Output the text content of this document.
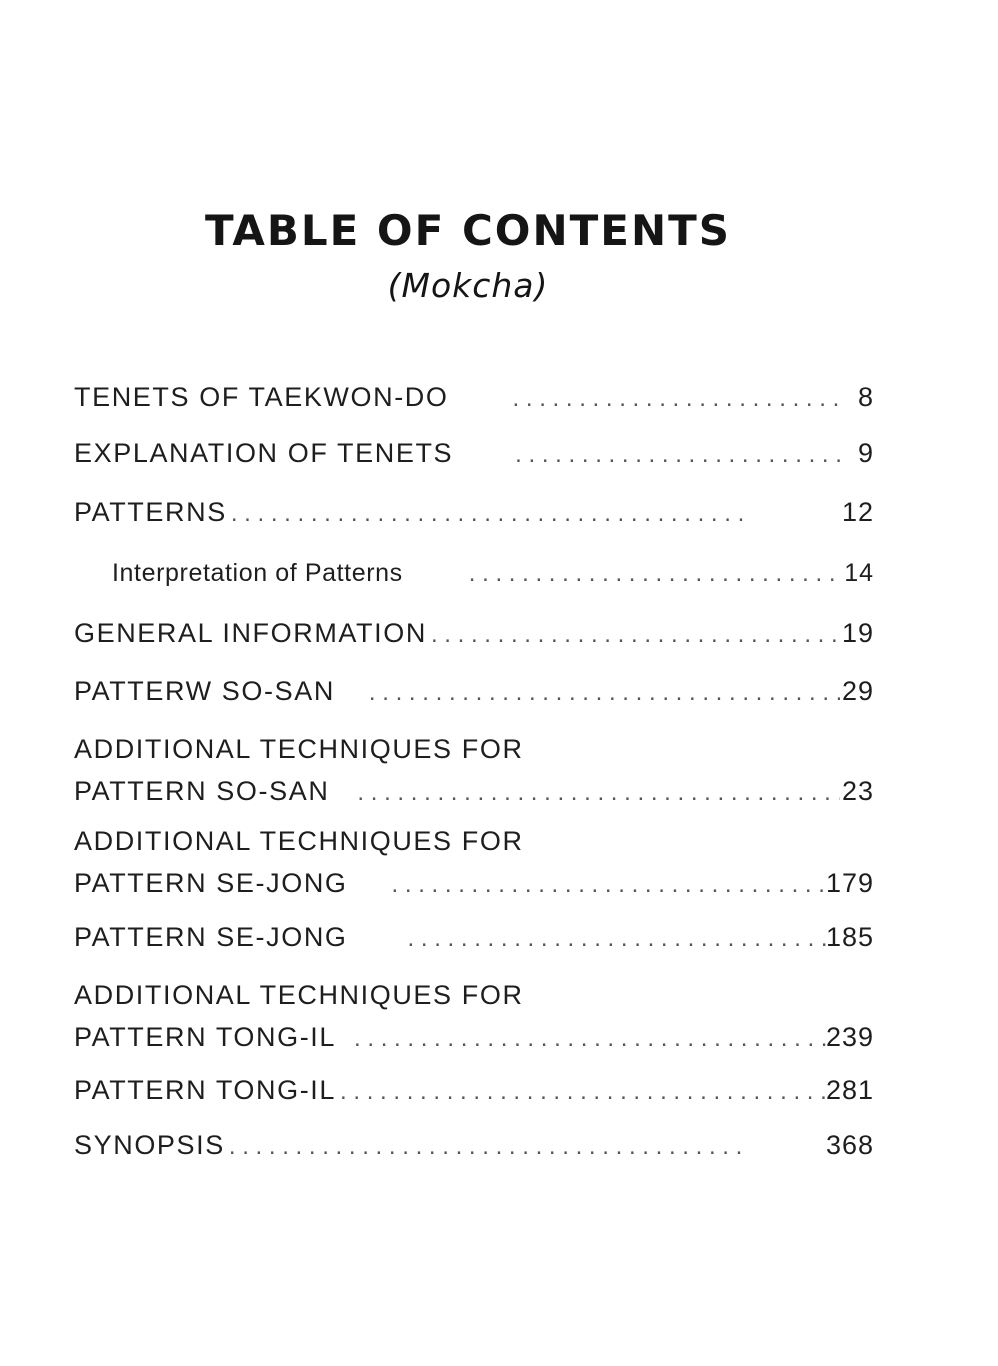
TABLE OF CONTENTS
(Mokcha)
TENETS OF TAEKWON-DO . .	8
EXPLANATION OF TENETS . .	9
PATTERNS . .	12
Interpretation of Patterns . .	14
GENERAL INFORMATION . .	19
PATTERW SO-SAN . .	29
ADDITIONAL TECHNIQUES FOR
PATTERN SO-SAN . .	23
ADDITIONAL TECHNIQUES FOR
PATTERN SE-JONG . .	179
PATTERN SE-JONG . .	185
ADDITIONAL TECHNIQUES FOR
PATTERN TONG-IL . .	239
PATTERN TONG-IL . .	281
SYNOPSIS . .	368
